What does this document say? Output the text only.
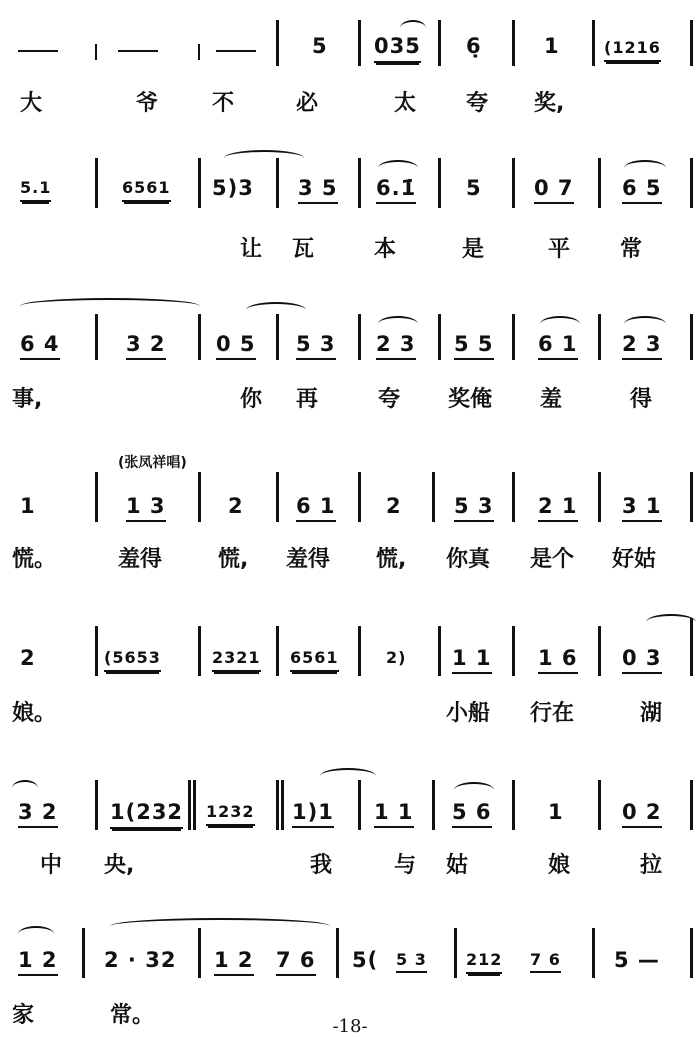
5 035 6̣	1	(1216
大	爷 不	必	太 夸 奖,
5.1	6561 5)3 3 5 6.1̇ 5 0 7 6 5
让 瓦	本	是	平 常
6 4	3 2 0 5 5 3 2 3 5 5 6 1 2 3
事,	你 再	夸 奖俺 羞	得
(张凤祥唱)
1	1 3	2 6 1 2 5 3 2 1 3 1
慌。	羞得	慌, 羞得 慌, 你真 是个 好姑
2	(5653	2321 6561	2) 1 1 1 6 0 3
娘。	小船 行在	湖
3 2 1(232 1232 1)1 1 1 5 6	1	0 2
中 央,	我	与 姑	娘	拉
1 2 2 · 32 1 2 7 6 5( 5 3 212 7 6	5 —
家	常。	-18-
